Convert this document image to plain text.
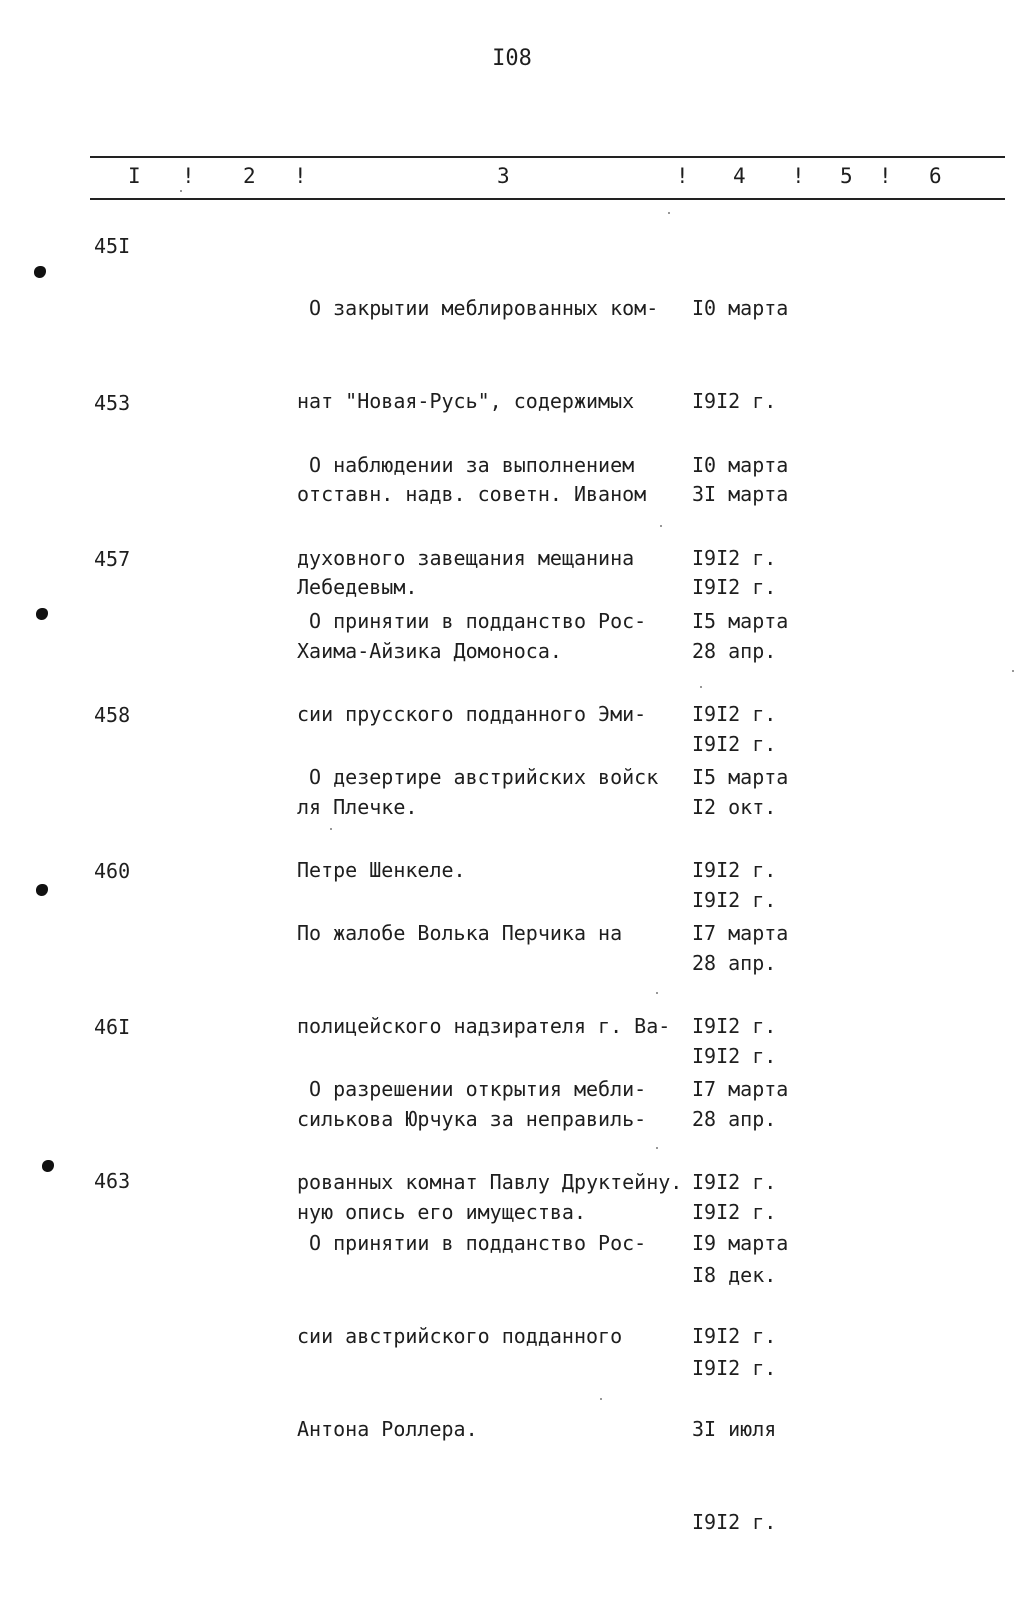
I08
I ! 2 !	3	! 4 ! 5 ! 6
45I

О закрытии меблированных ком-

нат "Новая-Русь", содержимых

отставн. надв. советн. Иваном

Лебедевым.

I0 марта

I9I2 г.

3I марта

I9I2 г.

453

О наблюдении за выполнением

духовного завещания мещанина

Хаима-Айзика Домоноса.

I0 марта

I9I2 г.

28 апр.

I9I2 г.

457

О принятии в подданство Рос-

сии прусского подданного Эми-

ля Плечке.

I5 марта

I9I2 г.

I2 окт.

I9I2 г.

458

О дезертире австрийских войск

Петре Шенкеле.

I5 марта

I9I2 г.

28 апр.

I9I2 г.

460

По жалобе Волька Перчика на

полицейского надзирателя г. Ва-

силькова Юрчука за неправиль-

ную опись его имущества.

I7 марта

I9I2 г.

28 апр.

I9I2 г.

46I

О разрешении открытия мебли-

рованных комнат Павлу Друктейну.

I7 марта

I9I2 г.

I8 дек.

I9I2 г.

463

О принятии в подданство Рос-

сии австрийского подданного

Антона Роллера.

I9 марта

I9I2 г.

3I июля

I9I2 г.
